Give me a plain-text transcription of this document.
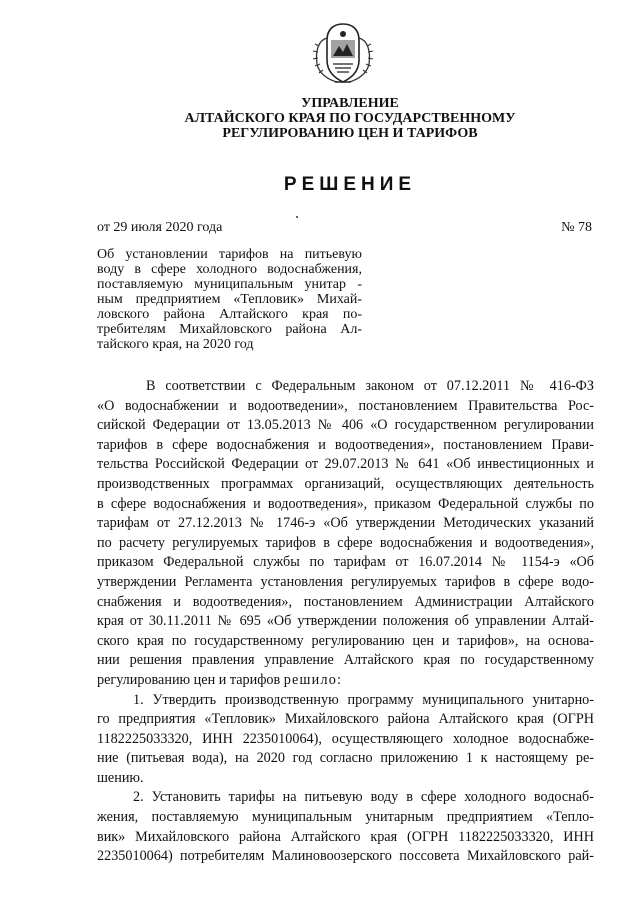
УПРАВЛЕНИЕ
АЛТАЙСКОГО КРАЯ ПО ГОСУДАРСТВЕННОМУ
РЕГУЛИРОВАНИЮ ЦЕН И ТАРИФОВ
РЕШЕНИЕ
от 29 июля 2020 года	№ 78
Об установлении тарифов на питьевую
воду в сфере холодного водоснабжения,
поставляемую муниципальным унитар -
ным предприятием «Тепловик» Михай-
ловского района Алтайского края по-
требителям Михайловского района Ал-
тайского края, на 2020 год
В соответствии с Федеральным законом от 07.12.2011 № 416-ФЗ
«О водоснабжении и водоотведении», постановлением Правительства Рос-
сийской Федерации от 13.05.2013 № 406 «О государственном регулировании
тарифов в сфере водоснабжения и водоотведения», постановлением Прави-
тельства Российской Федерации от 29.07.2013 № 641 «Об инвестиционных и
производственных программах организаций, осуществляющих деятельность
в сфере водоснабжения и водоотведения», приказом Федеральной службы по
тарифам от 27.12.2013 № 1746-э «Об утверждении Методических указаний
по расчету регулируемых тарифов в сфере водоснабжения и водоотведения»,
приказом Федеральной службы по тарифам от 16.07.2014 № 1154-э «Об
утверждении Регламента установления регулируемых тарифов в сфере водо-
снабжения и водоотведения», постановлением Администрации Алтайского
края от 30.11.2011 № 695 «Об утверждении положения об управлении Алтай-
ского края по государственному регулированию цен и тарифов», на основа-
нии решения правления управление Алтайского края по государственному
регулированию цен и тарифов решило:
1. Утвердить производственную программу муниципального унитарно-
го предприятия «Тепловик» Михайловского района Алтайского края (ОГРН
1182225033320, ИНН 2235010064), осуществляющего холодное водоснабже-
ние (питьевая вода), на 2020 год согласно приложению 1 к настоящему ре-
шению.
2. Установить тарифы на питьевую воду в сфере холодного водоснаб-
жения, поставляемую муниципальным унитарным предприятием «Тепло-
вик» Михайловского района Алтайского края (ОГРН 1182225033320, ИНН
2235010064) потребителям Малиновоозерского поссовета Михайловского рай-
